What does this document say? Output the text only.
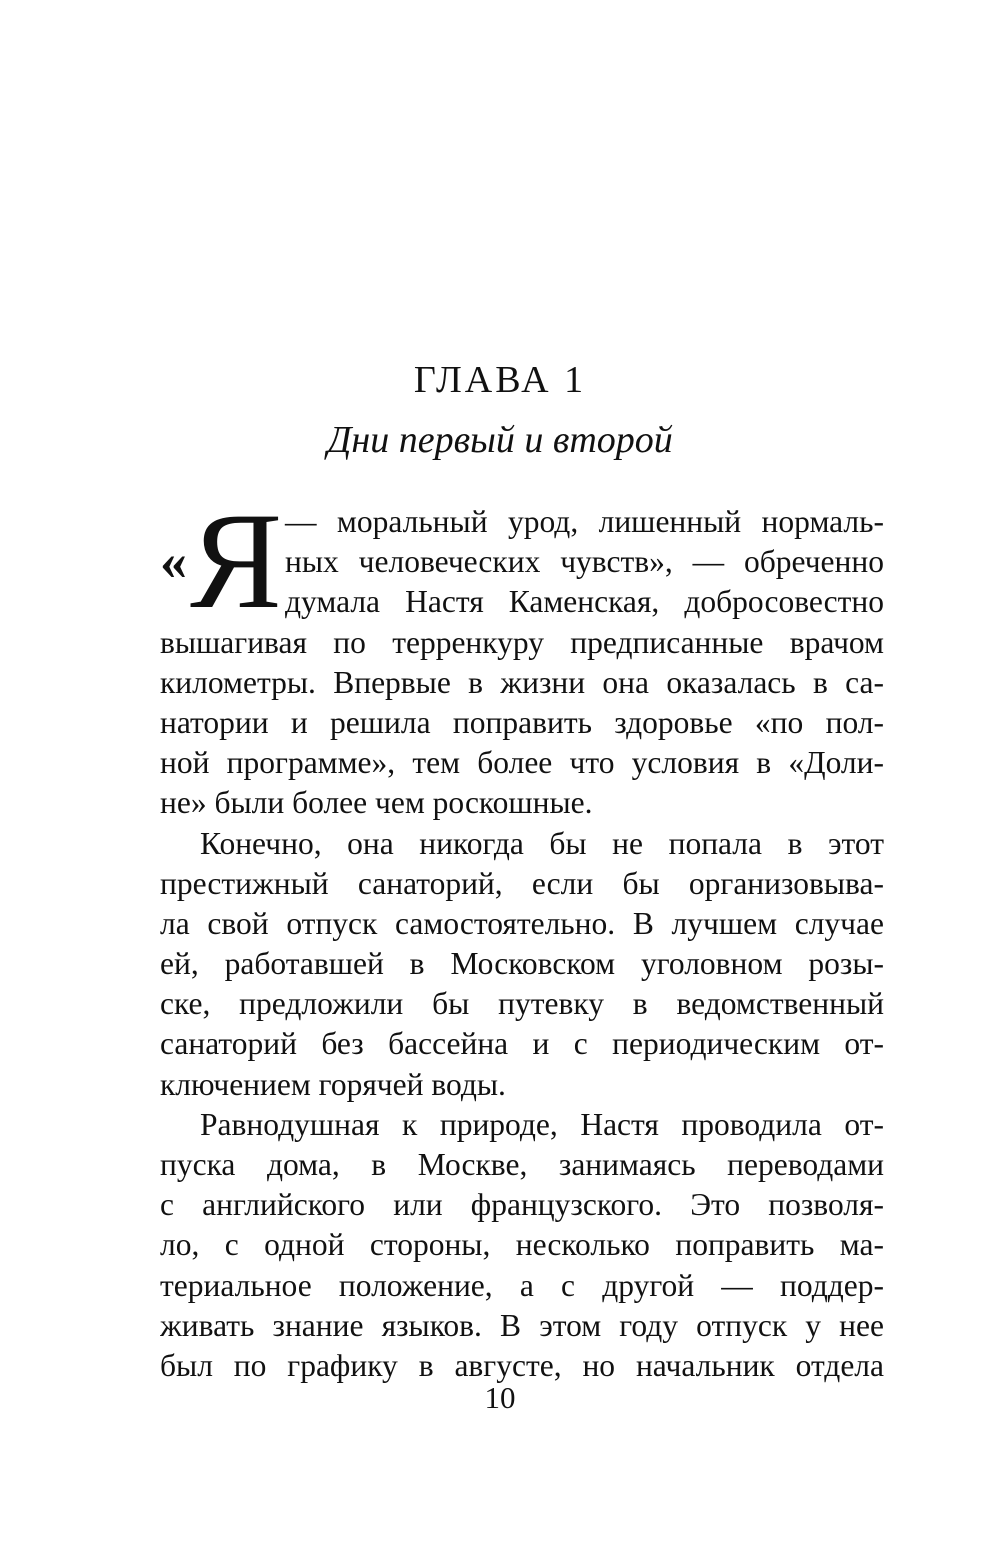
ГЛАВА 1
Дни первый и второй
« Я — моральный урод, лишенный нормаль-
ных человеческих чувств», — обреченно
думала Настя Каменская, добросовестно
вышагивая по терренкуру предписанные врачом
километры. Впервые в жизни она оказалась в са-
натории и решила поправить здоровье «по пол-
ной программе», тем более что условия в «Доли-
не» были более чем роскошные.
Конечно, она никогда бы не попала в этот
престижный санаторий, если бы организовыва-
ла свой отпуск самостоятельно. В лучшем случае
ей, работавшей в Московском уголовном розы-
ске, предложили бы путевку в ведомственный
санаторий без бассейна и с периодическим от-
ключением горячей воды.
Равнодушная к природе, Настя проводила от-
пуска дома, в Москве, занимаясь переводами
с английского или французского. Это позволя-
ло, с одной стороны, несколько поправить ма-
териальное положение, а с другой — поддер-
живать знание языков. В этом году отпуск у нее
был по графику в августе, но начальник отдела
10
